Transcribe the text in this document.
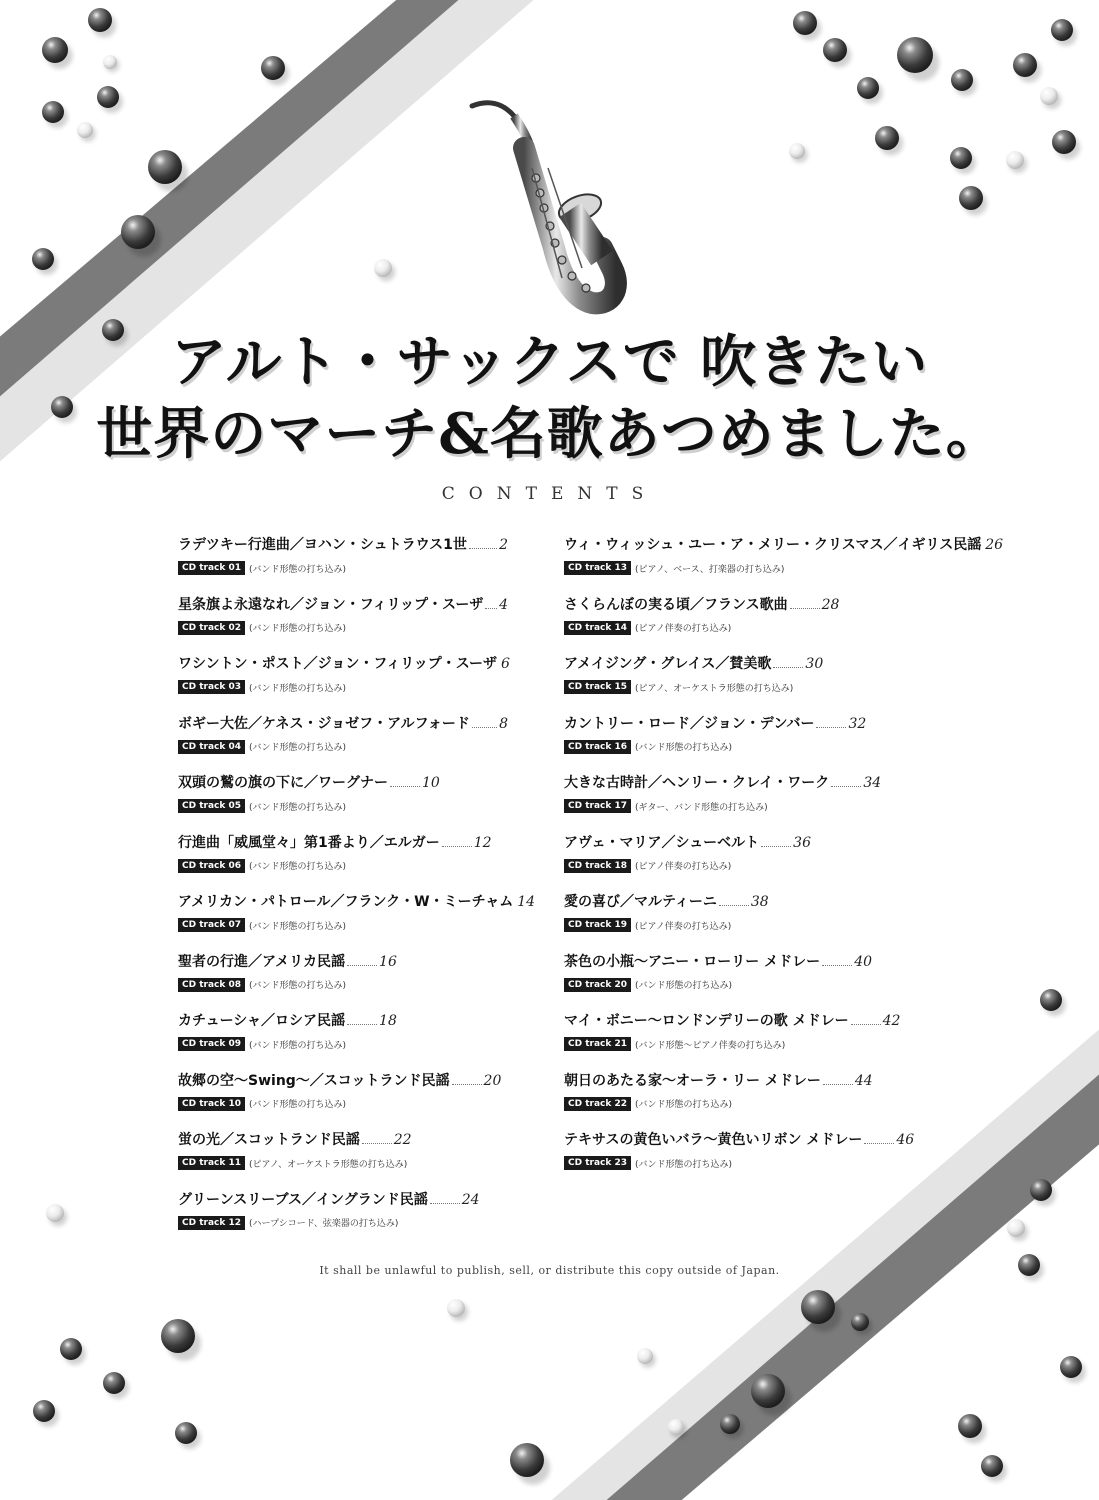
アルト・サックスで 吹きたい
世界のマーチ&名歌あつめました。
CONTENTS
ラデツキー行進曲／ヨハン・シュトラウス1世 2
CD track 01 (バンド形態の打ち込み)
星条旗よ永遠なれ／ジョン・フィリップ・スーザ 4
CD track 02 (バンド形態の打ち込み)
ワシントン・ポスト／ジョン・フィリップ・スーザ 6
CD track 03 (バンド形態の打ち込み)
ボギー大佐／ケネス・ジョゼフ・アルフォード 8
CD track 04 (バンド形態の打ち込み)
双頭の鷲の旗の下に／ワーグナー 10
CD track 05 (バンド形態の打ち込み)
行進曲「威風堂々」第1番より／エルガー 12
CD track 06 (バンド形態の打ち込み)
アメリカン・パトロール／フランク・W・ミーチャム 14
CD track 07 (バンド形態の打ち込み)
聖者の行進／アメリカ民謡 16
CD track 08 (バンド形態の打ち込み)
カチューシャ／ロシア民謡 18
CD track 09 (バンド形態の打ち込み)
故郷の空〜Swing〜／スコットランド民謡 20
CD track 10 (バンド形態の打ち込み)
蛍の光／スコットランド民謡 22
CD track 11 (ピアノ、オーケストラ形態の打ち込み)
グリーンスリーブス／イングランド民謡 24
CD track 12 (ハープシコード、弦楽器の打ち込み)
ウィ・ウィッシュ・ユー・ア・メリー・クリスマス／イギリス民謡 26
CD track 13 (ピアノ、ベース、打楽器の打ち込み)
さくらんぼの実る頃／フランス歌曲 28
CD track 14 (ピアノ伴奏の打ち込み)
アメイジング・グレイス／賛美歌 30
CD track 15 (ピアノ、オーケストラ形態の打ち込み)
カントリー・ロード／ジョン・デンバー 32
CD track 16 (バンド形態の打ち込み)
大きな古時計／ヘンリー・クレイ・ワーク 34
CD track 17 (ギター、バンド形態の打ち込み)
アヴェ・マリア／シューベルト 36
CD track 18 (ピアノ伴奏の打ち込み)
愛の喜び／マルティーニ 38
CD track 19 (ピアノ伴奏の打ち込み)
茶色の小瓶〜アニー・ローリー メドレー 40
CD track 20 (バンド形態の打ち込み)
マイ・ボニー〜ロンドンデリーの歌 メドレー 42
CD track 21 (バンド形態〜ピアノ伴奏の打ち込み)
朝日のあたる家〜オーラ・リー メドレー 44
CD track 22 (バンド形態の打ち込み)
テキサスの黄色いバラ〜黄色いリボン メドレー 46
CD track 23 (バンド形態の打ち込み)
It shall be unlawful to publish, sell, or distribute this copy outside of Japan.
